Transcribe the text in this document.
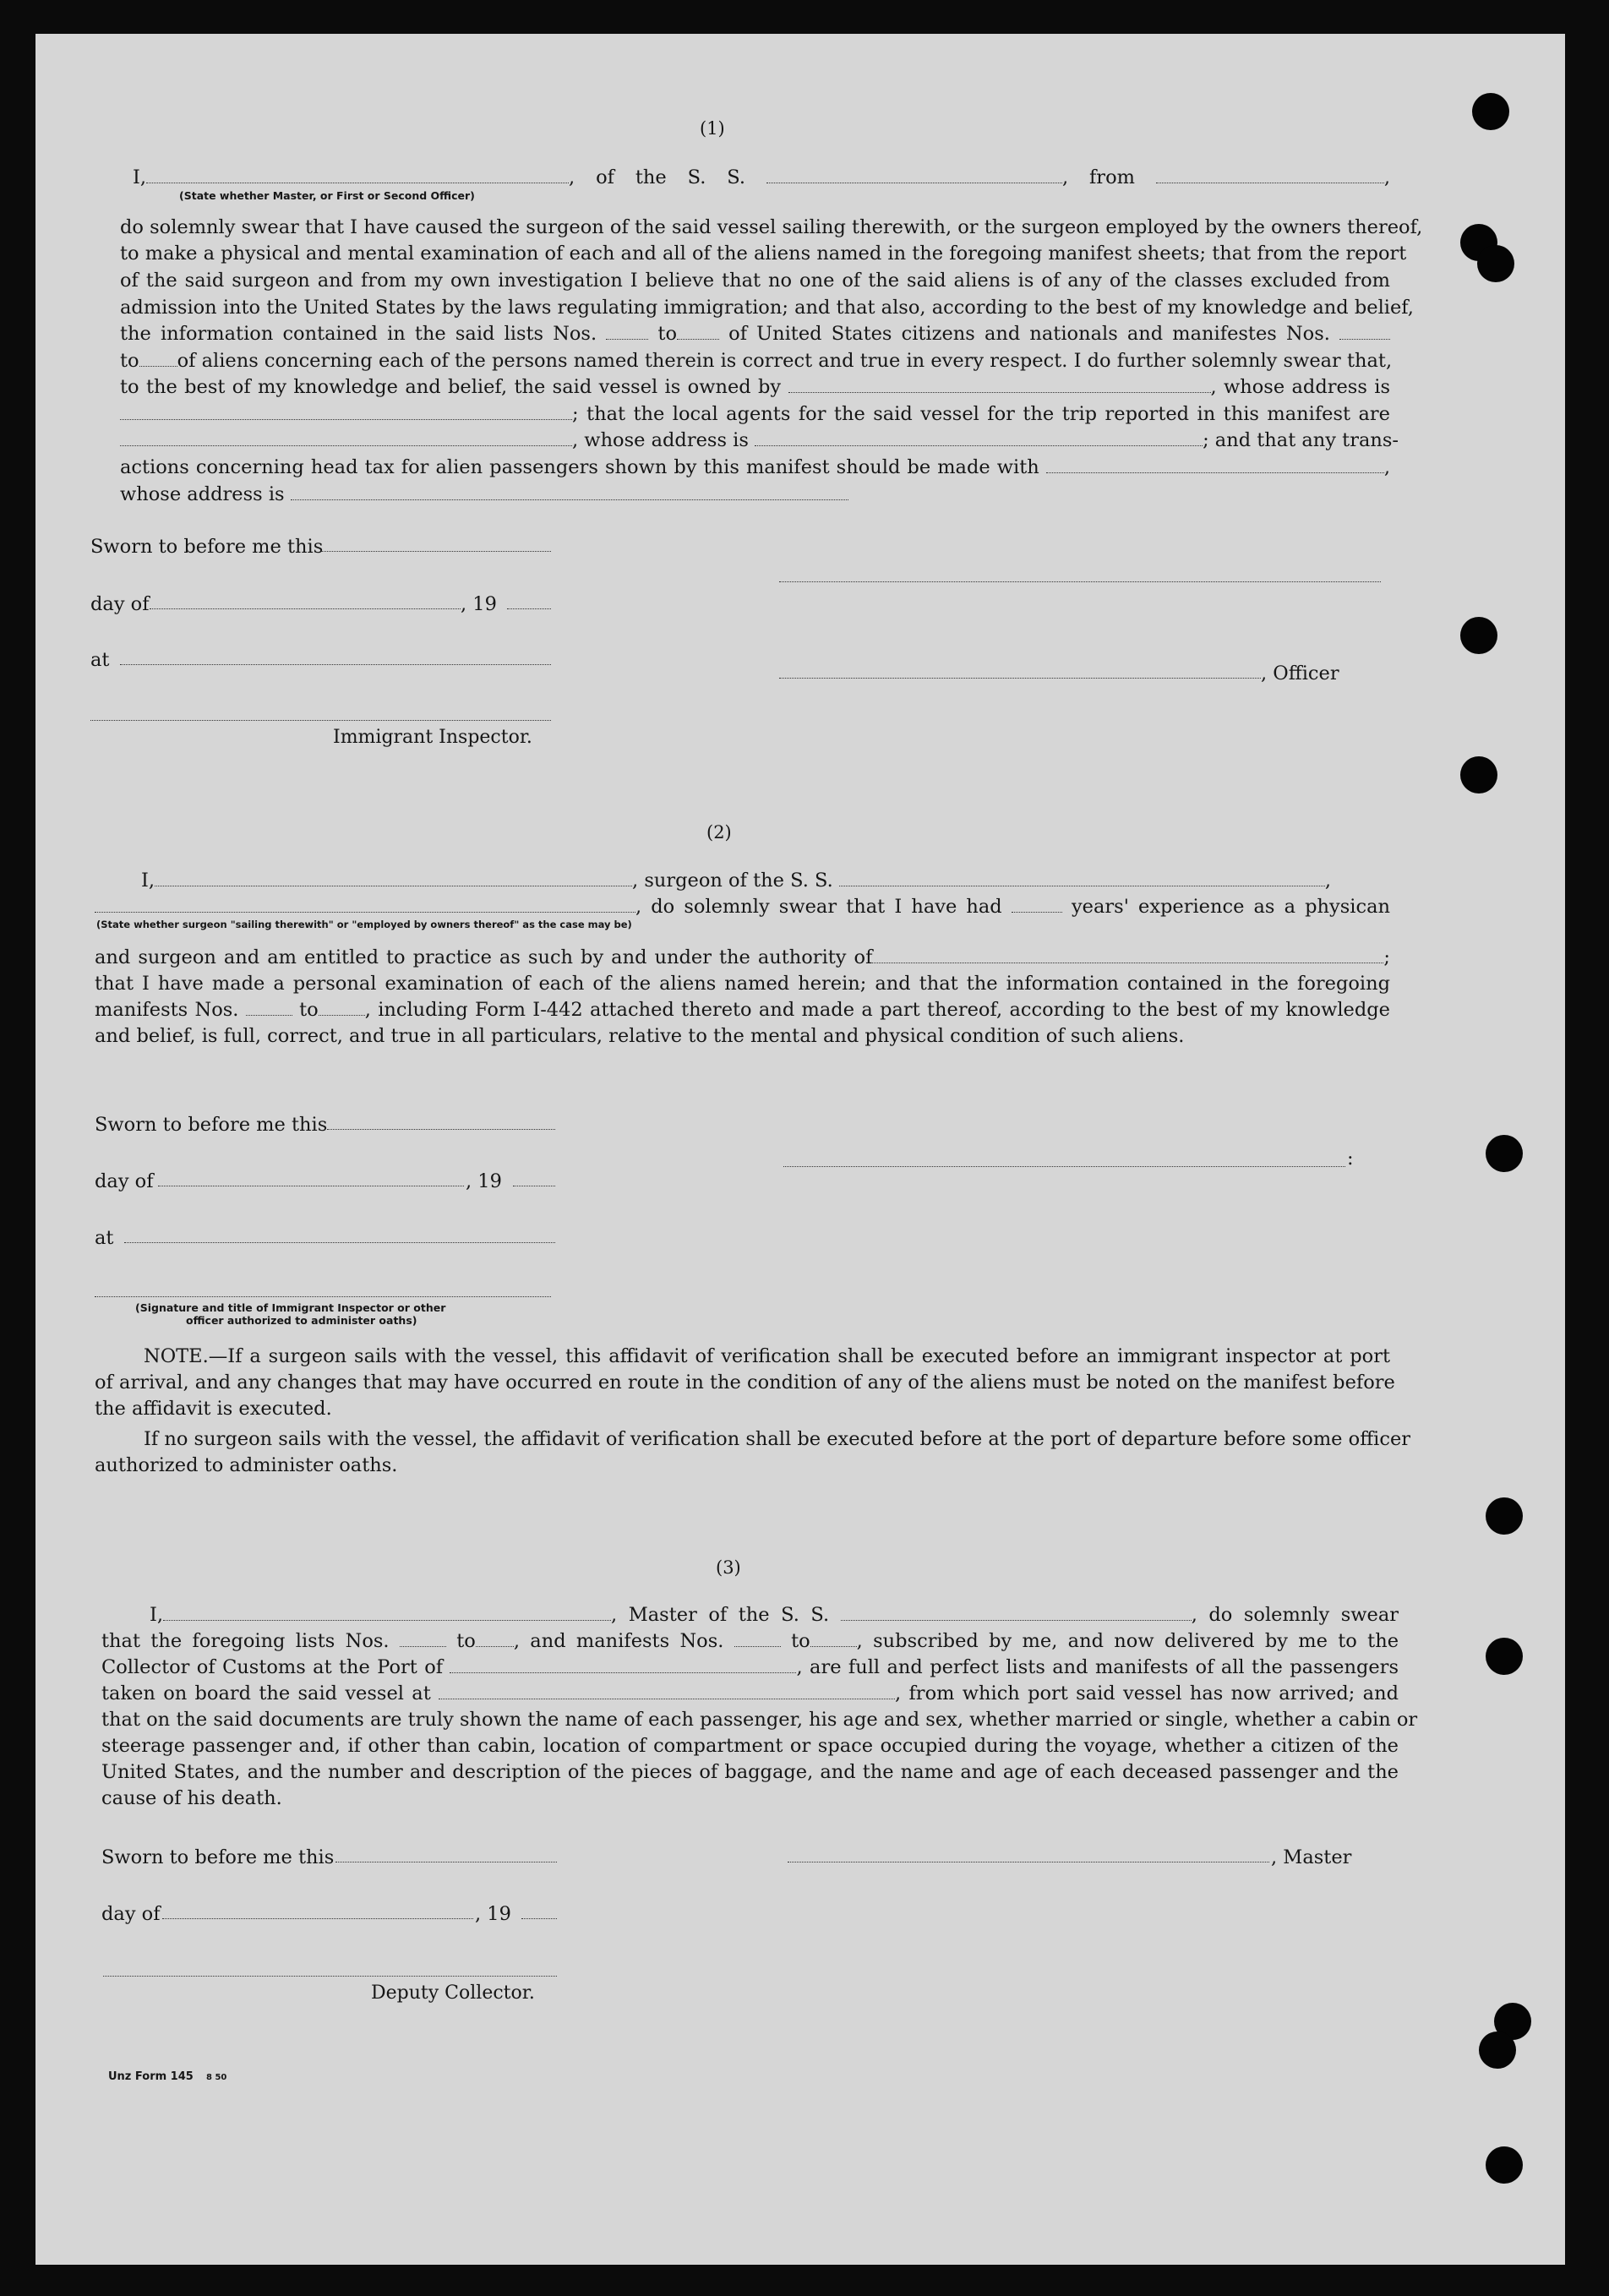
(1)
I,	, of the S. S.	, from	,
(State whether Master, or First or Second Officer)
do solemnly swear that I have caused the surgeon of the said vessel sailing therewith, or the surgeon employed by the owners thereof,
to make a physical and mental examination of each and all of the aliens named in the foregoing manifest sheets; that from the report
of the said surgeon and from my own investigation I believe that no one of the said aliens is of any of the classes excluded from
admission into the United States by the laws regulating immigration; and that also, according to the best of my knowledge and belief,
the information contained in the said lists Nos.	to	of United States citizens and nationals and manifestes Nos.
to of aliens concerning each of the persons named therein is correct and true in every respect. I do further solemnly swear that,
to the best of my knowledge and belief, the said vessel is owned by	, whose address is
; that the local agents for the said vessel for the trip reported in this manifest are
, whose address is	; and that any trans-
actions concerning head tax for alien passengers shown by this manifest should be made with	,
whose address is
Sworn to before me this
day of	, 19
at
, Officer
Immigrant Inspector.
(2)
I,	, surgeon of the S. S.	,
, do solemnly swear that I have had	years' experience as a physican
(State whether surgeon "sailing therewith" or "employed by owners thereof" as the case may be)
and surgeon and am entitled to practice as such by and under the authority of	;
that I have made a personal examination of each of the aliens named herein; and that the information contained in the foregoing
manifests Nos.	to , including Form I-442 attached thereto and made a part thereof, according to the best of my knowledge
and belief, is full, correct, and true in all particulars, relative to the mental and physical condition of such aliens.
Sworn to before me this
:
day of	, 19
at
(Signature and title of Immigrant Inspector or other
officer authorized to administer oaths)
NOTE.—If a surgeon sails with the vessel, this affidavit of verification shall be executed before an immigrant inspector at port
of arrival, and any changes that may have occurred en route in the condition of any of the aliens must be noted on the manifest before
the affidavit is executed.
If no surgeon sails with the vessel, the affidavit of verification shall be executed before at the port of departure before some officer
authorized to administer oaths.
(3)
I,	, Master of the S. S.	, do solemnly swear
that the foregoing lists Nos.	to , and manifests Nos.	to , subscribed by me, and now delivered by me to the
Collector of Customs at the Port of	, are full and perfect lists and manifests of all the passengers
taken on board the said vessel at	, from which port said vessel has now arrived; and
that on the said documents are truly shown the name of each passenger, his age and sex, whether married or single, whether a cabin or
steerage passenger and, if other than cabin, location of compartment or space occupied during the voyage, whether a citizen of the
United States, and the number and description of the pieces of baggage, and the name and age of each deceased passenger and the
cause of his death.
Sworn to before me this	, Master
day of	, 19
Deputy Collector.
Unz Form 145 8 50
